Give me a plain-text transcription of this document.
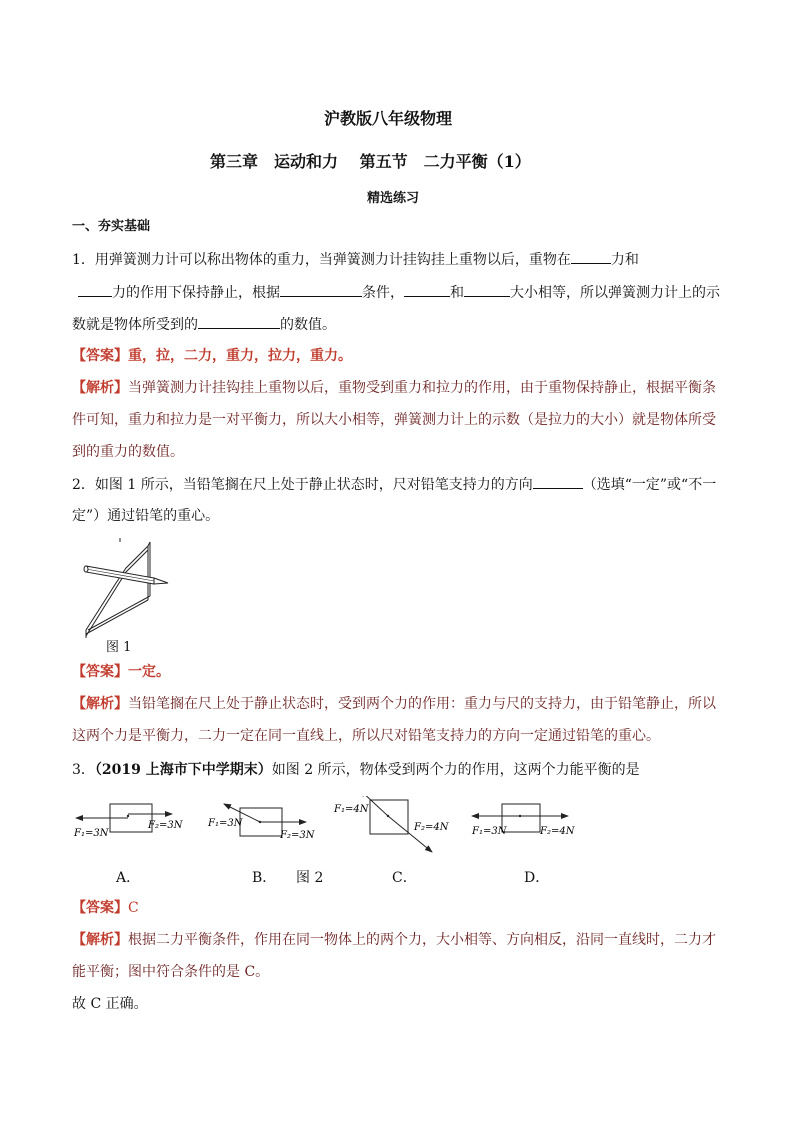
沪教版八年级物理
第三章　运动和力　 第五节　二力平衡（1）
精选练习
一、夯实基础
1．用弹簧测力计可以称出物体的重力，当弹簧测力计挂钩挂上重物以后，重物在	力和
力的作用下保持静止，根据	条件，	和	大小相等，所以弹簧测力计上的示
数就是物体所受到的	的数值。
【答案】重，拉，二力，重力，拉力，重力。
【解析】当弹簧测力计挂钩挂上重物以后，重物受到重力和拉力的作用，由于重物保持静止，根据平衡条
件可知，重力和拉力是一对平衡力，所以大小相等，弹簧测力计上的示数（是拉力的大小）就是物体所受
到的重力的数值。
2．如图 1 所示，当铅笔搁在尺上处于静止状态时，尺对铅笔支持力的方向	（选填“一定”或“不一
定”）通过铅笔的重心。
图 1
【答案】一定。
【解析】当铅笔搁在尺上处于静止状态时，受到两个力的作用：重力与尺的支持力，由于铅笔静止，所以
这两个力是平衡力，二力一定在同一直线上，所以尺对铅笔支持力的方向一定通过铅笔的重心。
3．（2019 上海市下中学期末）如图 2 所示，物体受到两个力的作用，这两个力能平衡的是
F₁=3N
F₂=3N	F₁=3N
F₂=3N
F₁=4N
F₂=4N F₁=3N	F₂=4N
A．	B． 图 2	C．	D．
【答案】C
【解析】根据二力平衡条件，作用在同一物体上的两个力，大小相等、方向相反，沿同一直线时，二力才
能平衡；图中符合条件的是 C。
故 C 正确。
